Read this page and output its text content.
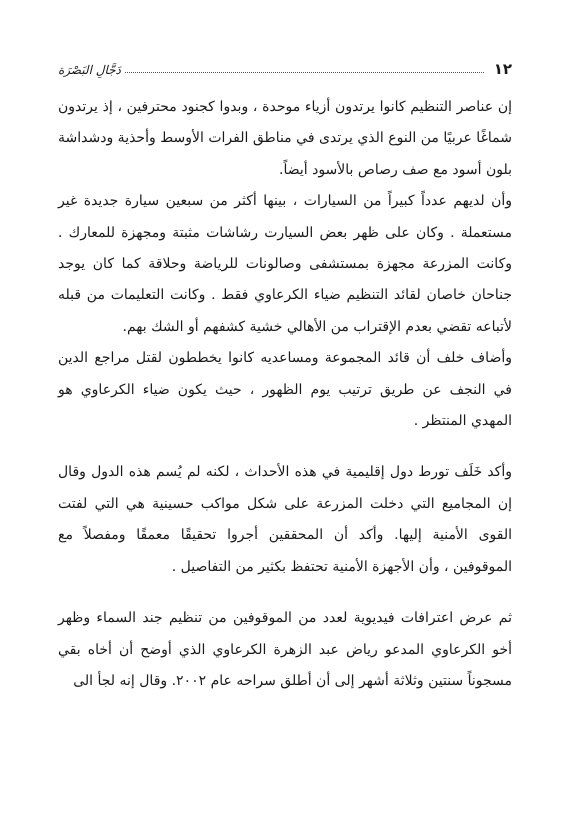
١٢
دَجَّالِ البَصْرَة

إن عناصر التنظيم كانوا يرتدون أزياء موحدة ، وبدوا كجنود محترفين ، إذ يرتدون شماغًا عربيًا من النوع الذي يرتدى في مناطق الفرات الأوسط وأحذية ودشداشة بلون أسود مع صف رصاص بالأسود أيضاً.

وأن لديهم عدداً كبيراً من السيارات ، بينها أكثر من سبعين سيارة جديدة غير مستعملة . وكان على ظهر بعض السيارت رشاشات مثبتة ومجهزة للمعارك . وكانت المزرعة مجهزة بمستشفى وصالونات للرياضة وحلاقة كما كان يوجد جناحان خاصان لقائد التنظيم ضياء الكرعاوي فقط . وكانت التعليمات من قبله لأتباعه تقضي بعدم الإقتراب من الأهالي خشية كشفهم أو الشك بهم.

وأضاف خلف أن قائد المجموعة ومساعديه كانوا يخططون لقتل مراجع الدين في النجف عن طريق ترتيب يوم الظهور ، حيث يكون ضياء الكرعاوي هو المهدي المنتظر .

وأكد خَلَف تورط دول إقليمية في هذه الأحداث ، لكنه لم يُسم هذه الدول وقال إن المجاميع التي دخلت المزرعة على شكل مواكب حسينية هي التي لفتت القوى الأمنية إليها. وأكد أن المحققين أجروا تحقيقًا معمقًا ومفصلاً مع الموقوفين ، وأن الأجهزة الأمنية تحتفظ بكثير من التفاصيل .

ثم عرض اعترافات فيديوية لعدد من الموقوفين من تنظيم جند السماء وظهر أخو الكرعاوي المدعو رياض عبد الزهرة الكرعاوي الذي أوضح أن أخاه بقي مسجوناً سنتين وثلاثة أشهر إلى أن أطلق سراحه عام ٢٠٠٢. وقال إنه لجأ الى
